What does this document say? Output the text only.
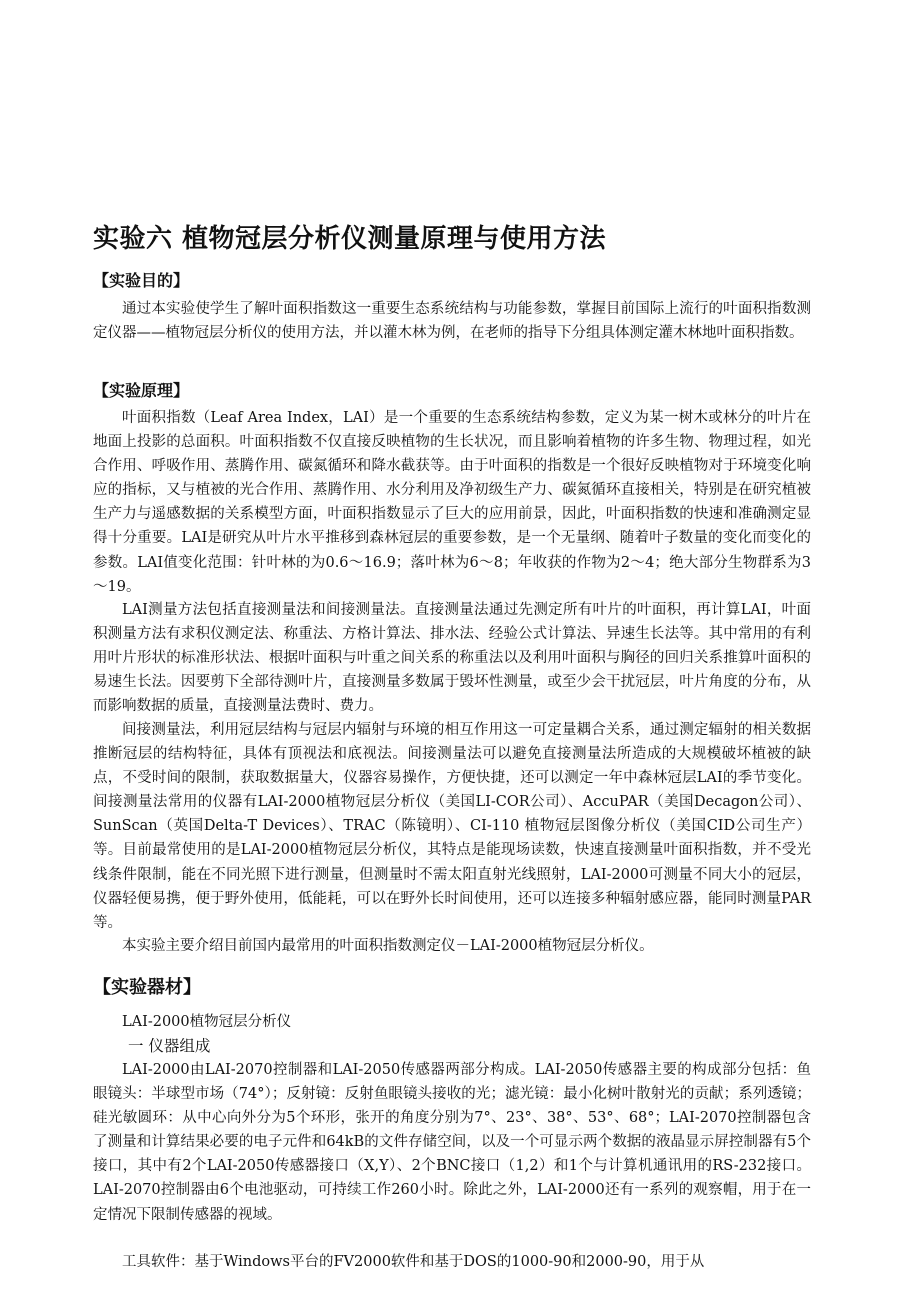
实验六 植物冠层分析仪测量原理与使用方法
【实验目的】

通过本实验使学生了解叶面积指数这一重要生态系统结构与功能参数，掌握目前国际上流行的叶面积指数测定仪器——植物冠层分析仪的使用方法，并以灌木林为例，在老师的指导下分组具体测定灌木林地叶面积指数。

【实验原理】

叶面积指数（Leaf Area Index，LAI）是一个重要的生态系统结构参数，定义为某一树木或林分的叶片在地面上投影的总面积。叶面积指数不仅直接反映植物的生长状况，而且影响着植物的许多生物、物理过程，如光合作用、呼吸作用、蒸腾作用、碳氮循环和降水截获等。由于叶面积的指数是一个很好反映植物对于环境变化响应的指标，又与植被的光合作用、蒸腾作用、水分利用及净初级生产力、碳氮循环直接相关，特别是在研究植被生产力与遥感数据的关系模型方面，叶面积指数显示了巨大的应用前景，因此，叶面积指数的快速和准确测定显得十分重要。LAI是研究从叶片水平推移到森林冠层的重要参数，是一个无量纲、随着叶子数量的变化而变化的参数。LAI值变化范围：针叶林的为0.6～16.9；落叶林为6～8；年收获的作物为2～4；绝大部分生物群系为3～19。

LAI测量方法包括直接测量法和间接测量法。直接测量法通过先测定所有叶片的叶面积，再计算LAI，叶面积测量方法有求积仪测定法、称重法、方格计算法、排水法、经验公式计算法、异速生长法等。其中常用的有利用叶片形状的标准形状法、根据叶面积与叶重之间关系的称重法以及利用叶面积与胸径的回归关系推算叶面积的易速生长法。因要剪下全部待测叶片，直接测量多数属于毁坏性测量，或至少会干扰冠层，叶片角度的分布，从而影响数据的质量，直接测量法费时、费力。

间接测量法，利用冠层结构与冠层内辐射与环境的相互作用这一可定量耦合关系，通过测定辐射的相关数据推断冠层的结构特征，具体有顶视法和底视法。间接测量法可以避免直接测量法所造成的大规模破坏植被的缺点，不受时间的限制，获取数据量大，仪器容易操作，方便快捷，还可以测定一年中森林冠层LAI的季节变化。间接测量法常用的仪器有LAI-2000植物冠层分析仪（美国LI-COR公司）、AccuPAR（美国Decagon公司）、SunScan（英国Delta-T Devices）、TRAC（陈镜明）、CI-110 植物冠层图像分析仪（美国CID公司生产）等。目前最常使用的是LAI-2000植物冠层分析仪，其特点是能现场读数，快速直接测量叶面积指数，并不受光线条件限制，能在不同光照下进行测量，但测量时不需太阳直射光线照射，LAI-2000可测量不同大小的冠层，仪器轻便易携，便于野外使用，低能耗，可以在野外长时间使用，还可以连接多种辐射感应器，能同时测量PAR等。

本实验主要介绍目前国内最常用的叶面积指数测定仪－LAI-2000植物冠层分析仪。

【实验器材】

LAI-2000植物冠层分析仪

一 仪器组成

LAI-2000由LAI-2070控制器和LAI-2050传感器两部分构成。LAI-2050传感器主要的构成部分包括：鱼眼镜头：半球型市场（74°）；反射镜：反射鱼眼镜头接收的光；滤光镜：最小化树叶散射光的贡献；系列透镜；硅光敏圆环：从中心向外分为5个环形，张开的角度分别为7°、23°、38°、53°、68°；LAI-2070控制器包含了测量和计算结果必要的电子元件和64kB的文件存储空间，以及一个可显示两个数据的液晶显示屏控制器有5个接口，其中有2个LAI-2050传感器接口（X,Y）、2个BNC接口（1,2）和1个与计算机通讯用的RS-232接口。LAI-2070控制器由6个电池驱动，可持续工作260小时。除此之外，LAI-2000还有一系列的观察帽，用于在一定情况下限制传感器的视域。

工具软件：基于Windows平台的FV2000软件和基于DOS的1000-90和2000-90，用于从
